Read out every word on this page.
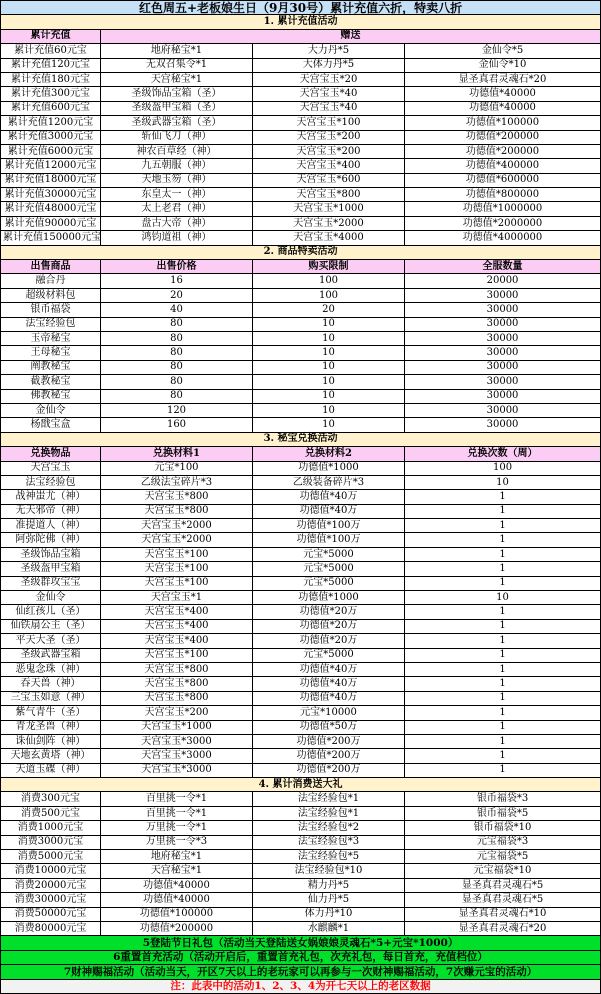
红色周五+老板娘生日（9月30号）累计充值六折，特卖八折			
1. 累计充值活动			
累计充值	赠送		
累计充值60元宝	地府秘宝*1	大力丹*5	金仙令*5
累计充值120元宝	无双召集令*1	大体力丹*5	金仙令*10
累计充值180元宝	天宫秘宝*1	天宫宝玉*20	显圣真君灵魂石*20
累计充值300元宝	圣级饰品宝箱（圣）	天宫宝玉*40	功德值*40000
累计充值600元宝	圣级盔甲宝箱（圣）	天宫宝玉*40	功德值*40000
累计充值1200元宝	圣级武器宝箱（圣）	天宫宝玉*100	功德值*100000
累计充值3000元宝	斩仙飞刀（神）	天宫宝玉*200	功德值*200000
累计充值6000元宝	神农百草经（神）	天宫宝玉*200	功德值*200000
累计充值12000元宝	九五朝服（神）	天宫宝玉*400	功德值*400000
累计充值18000元宝	天地玉笏（神）	天宫宝玉*600	功德值*600000
累计充值30000元宝	东皇太一（神）	天宫宝玉*800	功德值*800000
累计充值48000元宝	太上老君（神）	天宫宝玉*1000	功德值*1000000
累计充值90000元宝	盘古大帝（神）	天宫宝玉*2000	功德值*2000000
累计充值150000元宝	鸿钧道祖（神）	天宫宝玉*4000	功德值*4000000
2. 商品特卖活动			
出售商品	出售价格	购买限制	全服数量
融合丹	16	100	20000
超级材料包	20	100	30000
银币福袋	40	20	30000
法宝经验包	80	10	30000
玉帝秘宝	80	10	30000
王母秘宝	80	10	30000
阐教秘宝	80	10	30000
截教秘宝	80	10	30000
佛教秘宝	80	10	30000
金仙令	120	10	30000
杨戬宝盒	160	10	30000
3. 秘宝兑换活动			
兑换物品	兑换材料1	兑换材料2	兑换次数（周）
天宫宝玉	元宝*100	功德值*1000	100
法宝经验包	乙级法宝碎片*3	乙级装备碎片*3	10
战神蚩尤（神）	天宫宝玉*800	功德值*40万	1
无天邪帝（神）	天宫宝玉*800	功德值*40万	1
准提道人（神）	天宫宝玉*2000	功德值*100万	1
阿弥陀佛（神）	天宫宝玉*2000	功德值*100万	1
圣级饰品宝箱	天宫宝玉*100	元宝*5000	1
圣级盔甲宝箱	天宫宝玉*100	元宝*5000	1
圣级群攻宝宝	天宫宝玉*100	元宝*5000	1
金仙令	天宫宝玉*1	功德值*1000	10
仙红孩儿（圣）	天宫宝玉*400	功德值*20万	1
仙铁扇公主（圣）	天宫宝玉*400	功德值*20万	1
平天大圣（圣）	天宫宝玉*400	功德值*20万	1
圣级武器宝箱	天宫宝玉*100	元宝*5000	1
恶鬼念珠（神）	天宫宝玉*800	功德值*40万	1
吞天兽（神）	天宫宝玉*800	功德值*40万	1
三宝玉如意（神）	天宫宝玉*800	功德值*40万	1
紫气青牛（圣）	天宫宝玉*200	元宝*10000	1
青龙圣兽（神）	天宫宝玉*1000	功德值*50万	1
诛仙剑阵（神）	天宫宝玉*3000	功德值*200万	1
天地玄黄塔（神）	天宫宝玉*3000	功德值*200万	1
天道玉碟（神）	天宫宝玉*3000	功德值*200万	1
4. 累计消费送大礼			
消费300元宝	百里挑一令*1	法宝经验包*1	银币福袋*3
消费500元宝	百里挑一令*1	法宝经验包*1	银币福袋*5
消费1000元宝	万里挑一令*1	法宝经验包*2	银币福袋*10
消费3000元宝	万里挑一令*3	法宝经验包*3	元宝福袋*3
消费5000元宝	地府秘宝*1	法宝经验包*5	元宝福袋*5
消费10000元宝	天宫秘宝*1	法宝经验包*10	元宝福袋*10
消费20000元宝	功德值*40000	精力丹*5	显圣真君灵魂石*5
消费30000元宝	功德值*40000	仙力丹*5	显圣真君灵魂石*5
消费50000元宝	功德值*100000	体力丹*10	显圣真君灵魂石*10
消费80000元宝	功德值*200000	水麒麟*1	显圣真君灵魂石*20
5登陆节日礼包（活动当天登陆送女娲娘娘灵魂石*5+元宝*1000）			
6重置首充活动（活动开启后，重置首充礼包，次充礼包，每日首充，充值档位）			
7财神赐福活动（活动当天，开区7天以上的老玩家可以再参与一次财神赐福活动，7次赚元宝的活动）			
注：此表中的活动1、2、3、4为开七天以上的老区数据			
